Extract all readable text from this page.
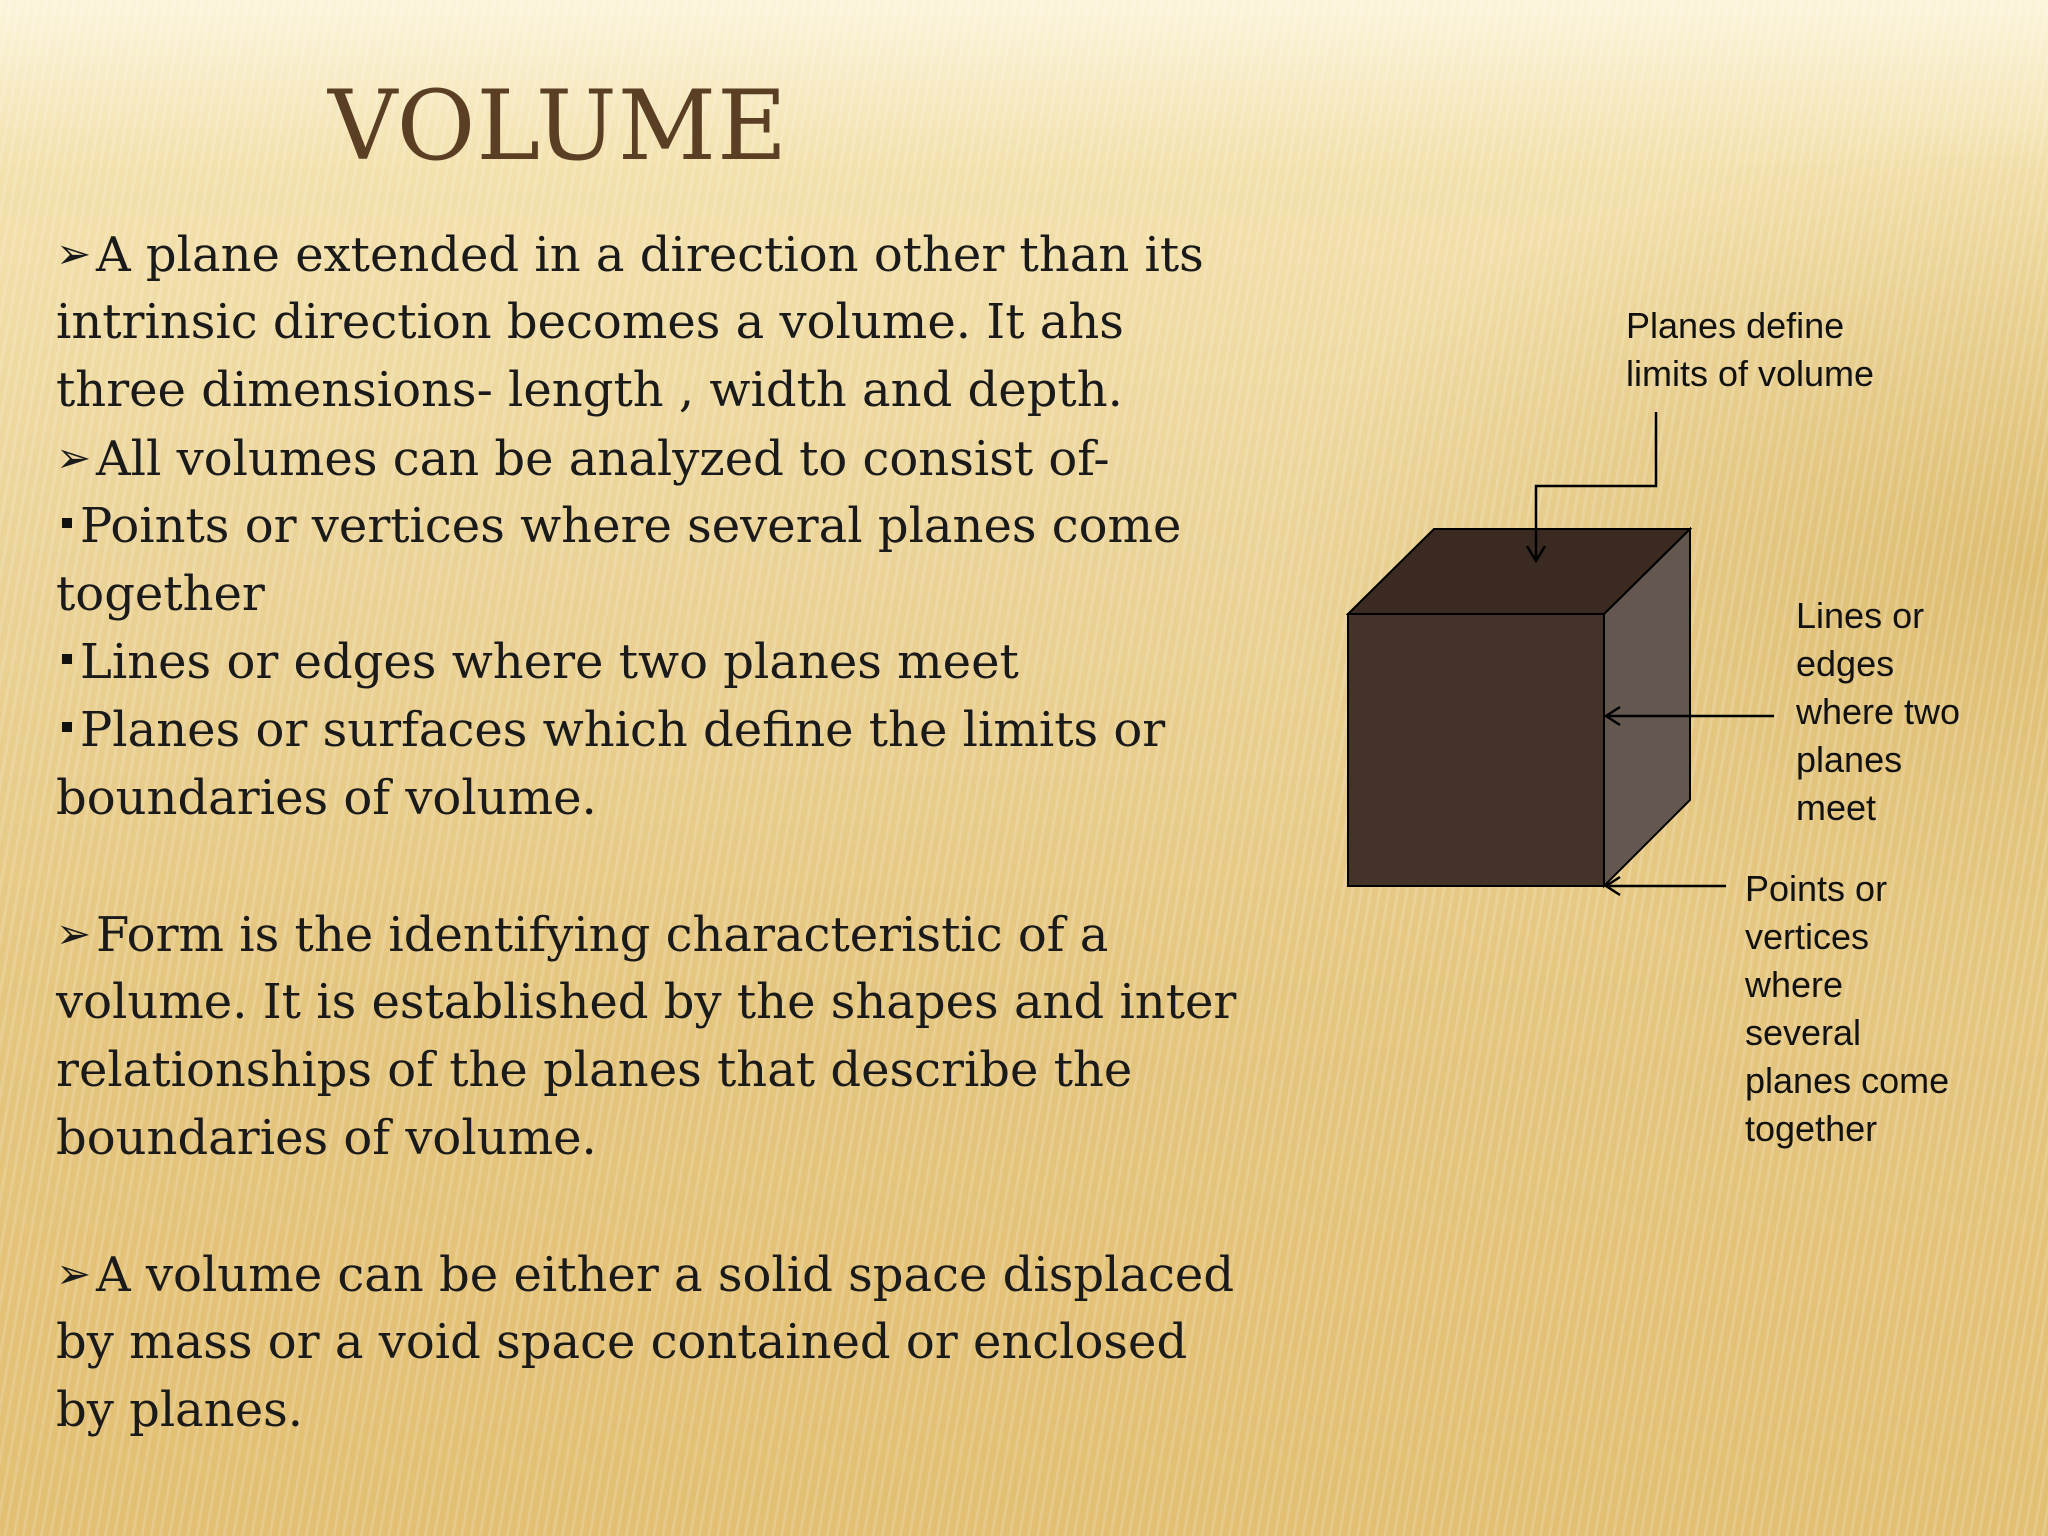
VOLUME
➢A plane extended in a direction other than its
intrinsic direction becomes a volume. It ahs
three dimensions- length , width and depth.
➢All volumes can be analyzed to consist of-
Points or vertices where several planes come
together
Lines or edges where two planes meet
Planes or surfaces which define the limits or
boundaries of volume.
➢Form is the identifying characteristic of a
volume. It is established by the shapes and inter
relationships of the planes that describe the
boundaries of volume.
➢A volume can be either a solid space displaced
by mass or a void space contained or enclosed
by planes.
Planes define
limits of volume
Lines or
edges
where two
planes
meet
Points or
vertices
where
several
planes come
together
